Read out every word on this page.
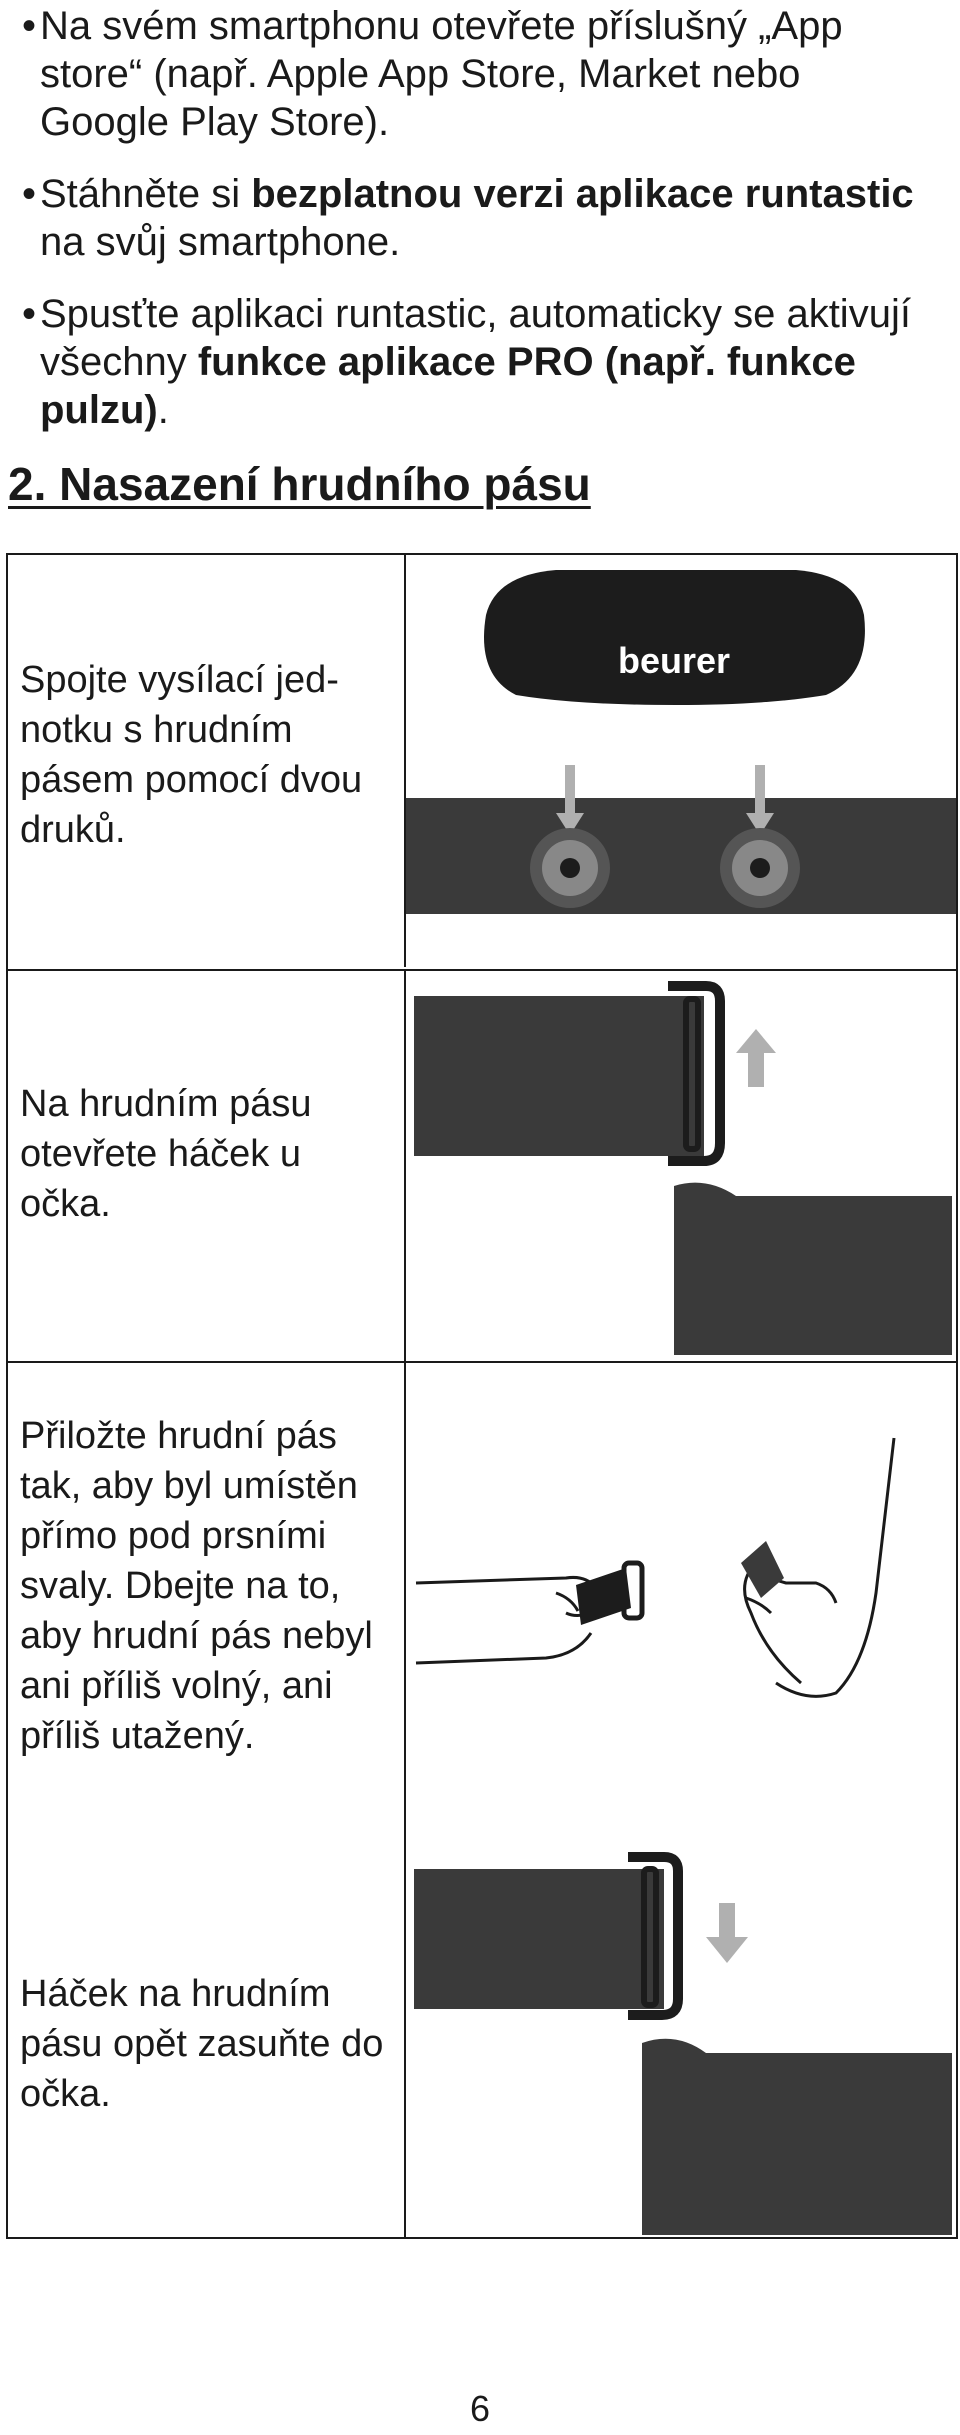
• Na svém smartphonu otevřete příslušný „App store“ (např. Apple App Store, Market nebo Google Play Store).
• Stáhněte si bezplatnou verzi aplikace runtastic na svůj smartphone.
• Spusťte aplikaci runtastic, automaticky se aktivují všechny funkce aplikace PRO (např. funkce pulzu).
2. Nasazení hrudního pásu
Spojte vysílací jednotku s hrudním pásem pomocí dvou druků.
beurer
Bluetooth
SMART
Na hrudním pásu otevřete háček u očka.
Přiložte hrudní pás tak, aby byl umístěn přímo pod prsními svaly. Dbejte na to, aby hrudní pás nebyl ani příliš volný, ani příliš utažený.
Háček na hrudním pásu opět zasuňte do očka.
6
